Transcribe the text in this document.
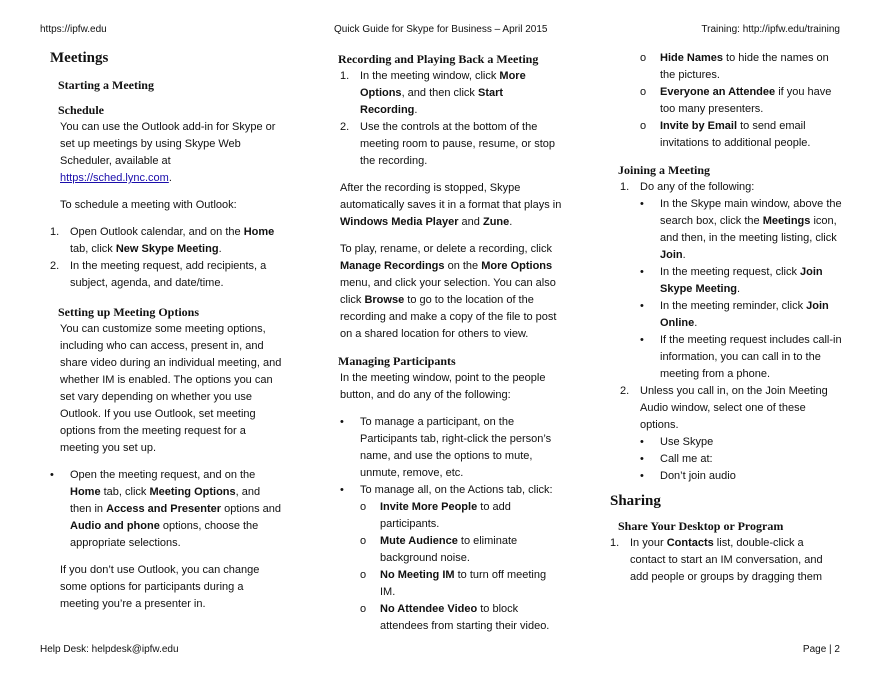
https://ipfw.edu	Quick Guide for Skype for Business – April 2015	Training: http://ipfw.edu/training
Meetings
Starting a Meeting
Schedule

You can use the Outlook add-in for Skype or set up meetings by using Skype Web Scheduler, available at https://sched.lync.com.

To schedule a meeting with Outlook:

1. Open Outlook calendar, and on the Home tab, click New Skype Meeting.
2. In the meeting request, add recipients, a subject, agenda, and date/time.
Setting up Meeting Options

You can customize some meeting options, including who can access, present in, and share video during an individual meeting, and whether IM is enabled. The options you can set vary depending on whether you use Outlook. If you use Outlook, set meeting options from the meeting request for a meeting you set up.

• Open the meeting request, and on the Home tab, click Meeting Options, and then in Access and Presenter options and Audio and phone options, choose the appropriate selections.

If you don’t use Outlook, you can change some options for participants during a meeting you’re a presenter in.

Recording and Playing Back a Meeting
1. In the meeting window, click More Options, and then click Start Recording.
2. Use the controls at the bottom of the meeting room to pause, resume, or stop the recording.

After the recording is stopped, Skype automatically saves it in a format that plays in Windows Media Player and Zune.

To play, rename, or delete a recording, click Manage Recordings on the More Options menu, and click your selection. You can also click Browse to go to the location of the recording and make a copy of the file to post on a shared location for others to view.

Managing Participants

In the meeting window, point to the people button, and do any of the following:

• To manage a participant, on the Participants tab, right-click the person’s name, and use the options to mute, unmute, remove, etc.
• To manage all, on the Actions tab, click:
o Invite More People to add participants.
o Mute Audience to eliminate background noise.
o No Meeting IM to turn off meeting IM.
o No Attendee Video to block attendees from starting their video.
o Hide Names to hide the names on the pictures.
o Everyone an Attendee if you have too many presenters.
o Invite by Email to send email invitations to additional people.
Joining a Meeting
1. Do any of the following:
• In the Skype main window, above the search box, click the Meetings icon, and then, in the meeting listing, click Join.
• In the meeting request, click Join Skype Meeting.
• In the meeting reminder, click Join Online.
• If the meeting request includes call-in information, you can call in to the meeting from a phone.
2. Unless you call in, on the Join Meeting Audio window, select one of these options.
• Use Skype
• Call me at:
• Don’t join audio
Sharing
Share Your Desktop or Program
1. In your Contacts list, double-click a contact to start an IM conversation, and add people or groups by dragging them
Help Desk: helpdesk@ipfw.edu	Page | 2
